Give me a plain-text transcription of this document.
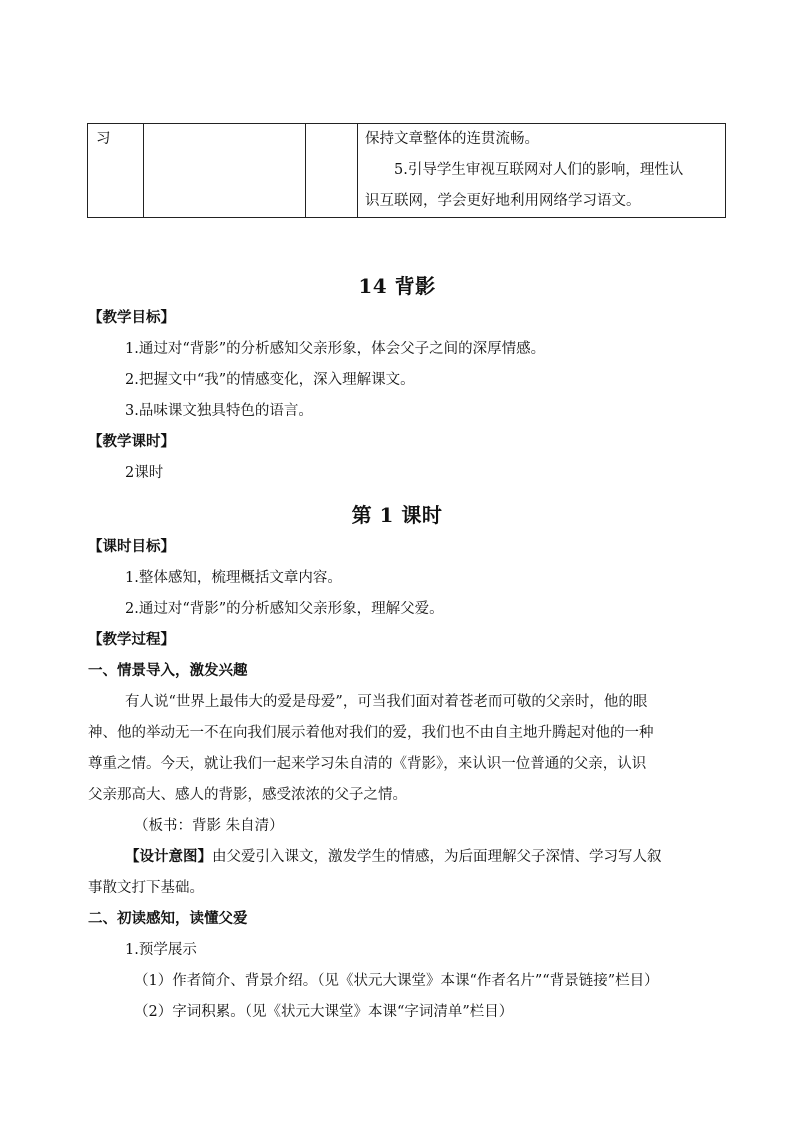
习			保持文章整体的连贯流畅。
5.引导学生审视互联网对人们的影响，理性认
识互联网，学会更好地利用网络学习语文。
14 背影
【教学目标】
1.通过对“背影”的分析感知父亲形象，体会父子之间的深厚情感。
2.把握文中“我”的情感变化，深入理解课文。
3.品味课文独具特色的语言。
【教学课时】
2课时
第 1 课时
【课时目标】
1.整体感知，梳理概括文章内容。
2.通过对“背影”的分析感知父亲形象，理解父爱。
【教学过程】
一、情景导入，激发兴趣
有人说“世界上最伟大的爱是母爱”，可当我们面对着苍老而可敬的父亲时，他的眼
神、他的举动无一不在向我们展示着他对我们的爱，我们也不由自主地升腾起对他的一种
尊重之情。今天，就让我们一起来学习朱自清的《背影》，来认识一位普通的父亲，认识
父亲那高大、感人的背影，感受浓浓的父子之情。
（板书：背影 朱自清）
【设计意图】由父爱引入课文，激发学生的情感，为后面理解父子深情、学习写人叙
事散文打下基础。
二、初读感知，读懂父爱
1.预学展示
（1）作者简介、背景介绍。（见《状元大课堂》本课“作者名片”“背景链接”栏目）
（2）字词积累。（见《状元大课堂》本课“字词清单”栏目）
